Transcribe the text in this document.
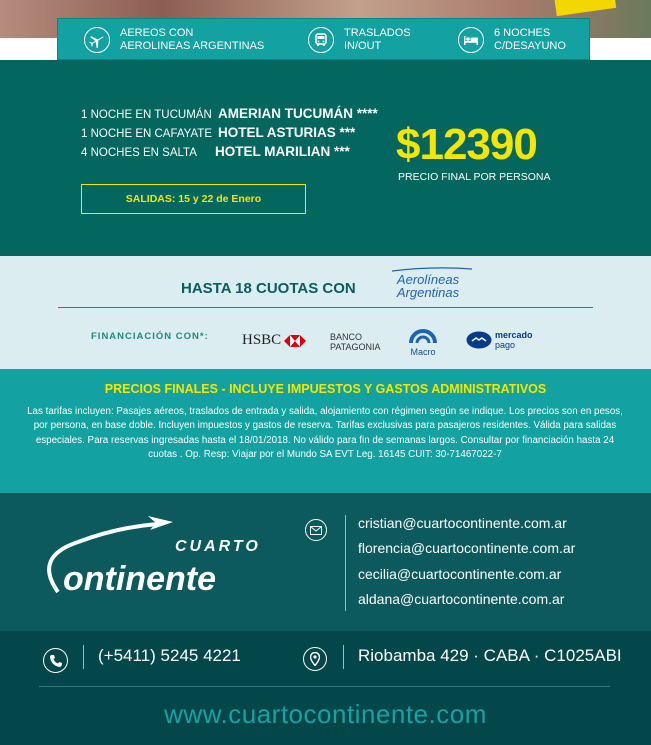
AEREOS CON
AEROLINEAS ARGENTINAS
TRASLADOS
IN/OUT
6 NOCHES
C/DESAYUNO
1 NOCHE EN TUCUMÁN AMERIAN TUCUMÁN ****
1 NOCHE EN CAFAYATE HOTEL ASTURIAS ***
4 NOCHES EN SALTA HOTEL MARILIAN *** $12390
PRECIO FINAL POR PERSONA
SALIDAS: 15 y 22 de Enero
HASTA 18 CUOTAS CON
Aerolíneas
Argentinas
FINANCIACIÓN CON*: HSBC	BANCO
PATAGONIA	Macro
mercado
pago
PRECIOS FINALES - INCLUYE IMPUESTOS Y GASTOS ADMINISTRATIVOS
Las tarifas incluyen: Pasajes aéreos, traslados de entrada y salida, alojamiento con régimen según se indique. Los precios son en pesos, por persona, en base doble. Incluyen impuestos y gastos de reserva. Tarifas exclusivas para pasajeros residentes. Válida para salidas especiales. Para reservas ingresadas hasta el 18/01/2018. No válido para fin de semanas largos. Consultar por financiación hasta 24 cuotas . Op. Resp: Viajar por el Mundo SA EVT Leg. 16145 CUIT: 30-71467022-7
CUARTO
ontinente
cristian@cuartocontinente.com.ar
florencia@cuartocontinente.com.ar
cecilia@cuartocontinente.com.ar
aldana@cuartocontinente.com.ar
(+5411) 5245 4221	Riobamba 429 · CABA · C1025ABI
www.cuartocontinente.com
